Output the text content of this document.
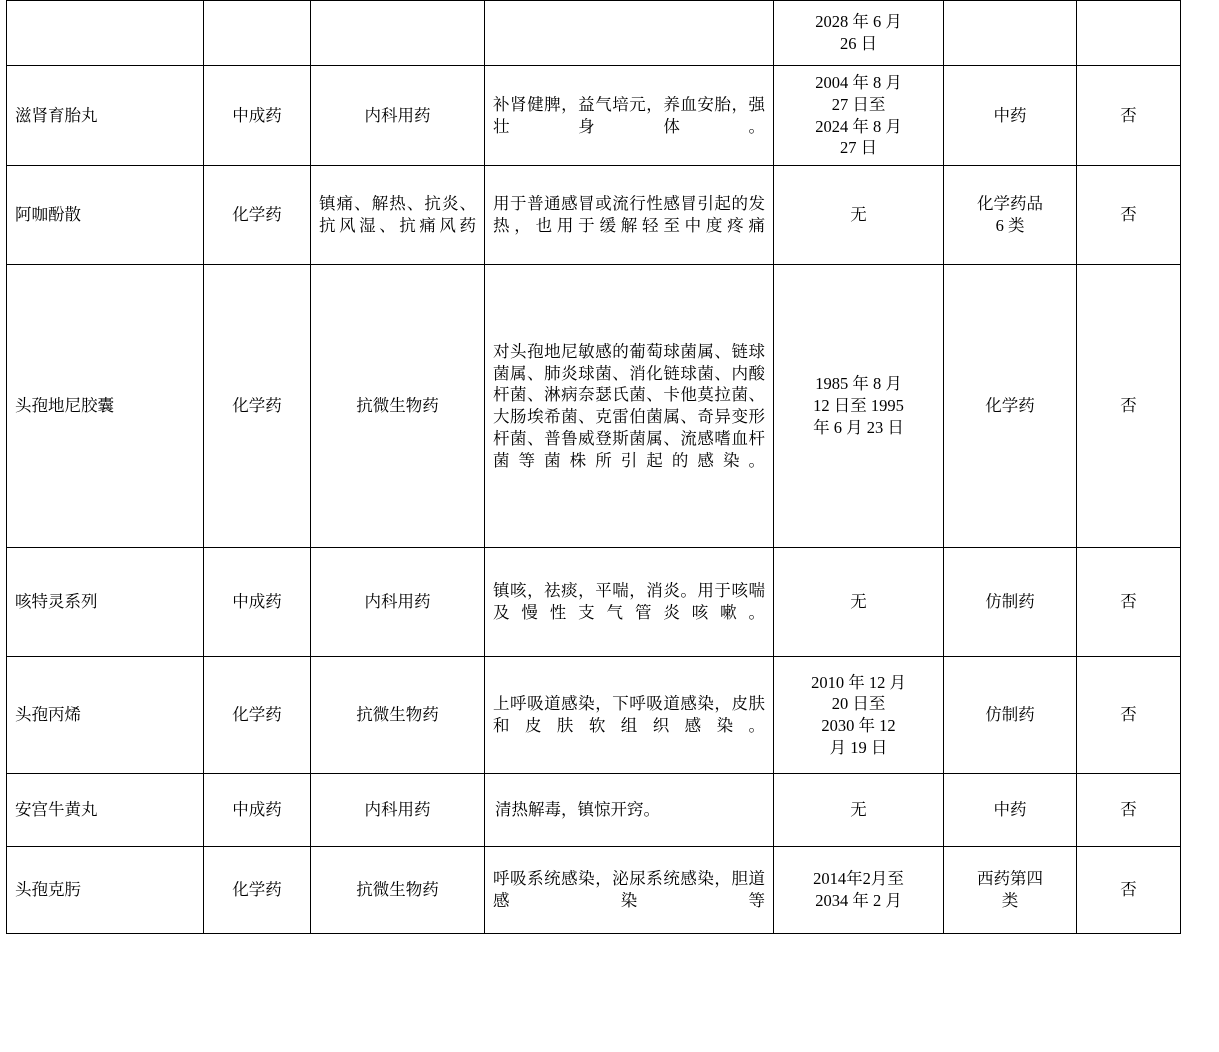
				2028 年 6 月
26 日			
滋肾育胎丸	中成药	内科用药	补肾健脾，益气培元，养血安胎，强壮身体。	2004 年 8 月
27 日至
2024 年 8 月
27 日	中药	否	
阿咖酚散	化学药	镇痛、解热、抗炎、抗风湿、抗痛风药	用于普通感冒或流行性感冒引起的发热，也用于缓解轻至中度疼痛	无	化学药品
6 类	否	
头孢地尼胶囊	化学药	抗微生物药	对头孢地尼敏感的葡萄球菌属、链球菌属、肺炎球菌、消化链球菌、内酸杆菌、淋病奈瑟氏菌、卡他莫拉菌、大肠埃希菌、克雷伯菌属、奇异变形杆菌、普鲁威登斯菌属、流感嗜血杆菌等菌株所引起的感染。	1985 年 8 月
12 日至 1995
年 6 月 23 日	化学药	否	
咳特灵系列	中成药	内科用药	镇咳，祛痰，平喘，消炎。用于咳喘及慢性支气管炎咳嗽。	无	仿制药	否	
头孢丙烯	化学药	抗微生物药	上呼吸道感染，下呼吸道感染，皮肤和皮肤软组织感染。	2010 年 12 月
20 日至
2030 年 12
月 19 日	仿制药	否	
安宫牛黄丸	中成药	内科用药	清热解毒，镇惊开窍。	无	中药	否	
头孢克肟	化学药	抗微生物药	呼吸系统感染，泌尿系统感染，胆道感染等	2014年2月至
2034 年 2 月	西药第四
类	否	
